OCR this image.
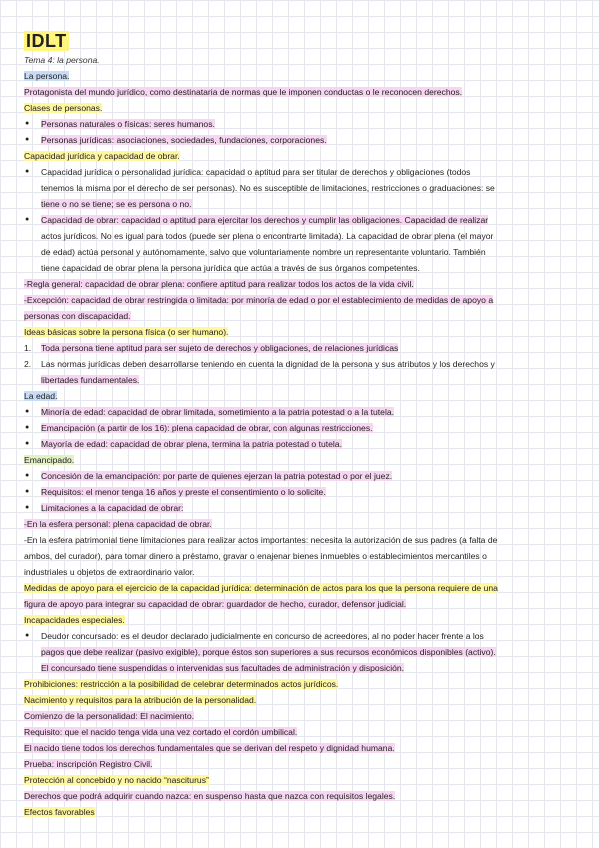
IDLT
Tema 4: la persona.
La persona.
Protagonista del mundo jurídico, como destinataria de normas que le imponen conductas o le reconocen derechos.
Clases de personas.
● Personas naturales o físicas: seres humanos.
● Personas jurídicas: asociaciones, sociedades, fundaciones, corporaciones.
Capacidad jurídica y capacidad de obrar.
● Capacidad jurídica o personalidad jurídica: capacidad o aptitud para ser titular de derechos y obligaciones (todos
tenemos la misma por el derecho de ser personas). No es susceptible de limitaciones, restricciones o graduaciones: se
tiene o no se tiene; se es persona o no.
● Capacidad de obrar: capacidad o aptitud para ejercitar los derechos y cumplir las obligaciones. Capacidad de realizar
actos jurídicos. No es igual para todos (puede ser plena o encontrarte limitada). La capacidad de obrar plena (el mayor
de edad) actúa personal y autónomamente, salvo que voluntariamente nombre un representante voluntario. También
tiene capacidad de obrar plena la persona jurídica que actúa a través de sus órganos competentes.
-Regla general: capacidad de obrar plena: confiere aptitud para realizar todos los actos de la vida civil.
-Excepción: capacidad de obrar restringida o limitada: por minoría de edad o por el establecimiento de medidas de apoyo a
personas con discapacidad.
Ideas básicas sobre la persona física (o ser humano).
1. Toda persona tiene aptitud para ser sujeto de derechos y obligaciones, de relaciones jurídicas
2. Las normas jurídicas deben desarrollarse teniendo en cuenta la dignidad de la persona y sus atributos y los derechos y
libertades fundamentales.
La edad.
● Minoría de edad: capacidad de obrar limitada, sometimiento a la patria potestad o a la tutela.
● Emancipación (a partir de los 16): plena capacidad de obrar, con algunas restricciones.
● Mayoría de edad: capacidad de obrar plena, termina la patria potestad o tutela.
Emancipado.
● Concesión de la emancipación: por parte de quienes ejerzan la patria potestad o por el juez.
● Requisitos: el menor tenga 16 años y preste el consentimiento o lo solicite.
● Limitaciones a la capacidad de obrar:
-En la esfera personal: plena capacidad de obrar.
-En la esfera patrimonial tiene limitaciones para realizar actos importantes: necesita la autorización de sus padres (a falta de
ambos, del curador), para tomar dinero a préstamo, gravar o enajenar bienes inmuebles o establecimientos mercantiles o
industriales u objetos de extraordinario valor.
Medidas de apoyo para el ejercicio de la capacidad jurídica: determinación de actos para los que la persona requiere de una
figura de apoyo para integrar su capacidad de obrar: guardador de hecho, curador, defensor judicial.
Incapacidades especiales.
● Deudor concursado: es el deudor declarado judicialmente en concurso de acreedores, al no poder hacer frente a los
pagos que debe realizar (pasivo exigible), porque éstos son superiores a sus recursos económicos disponibles (activo).
El concursado tiene suspendidas o intervenidas sus facultades de administración y disposición.
Prohibiciones: restricción a la posibilidad de celebrar determinados actos jurídicos.
Nacimiento y requisitos para la atribución de la personalidad.
Comienzo de la personalidad: El nacimiento.
Requisito: que el nacido tenga vida una vez cortado el cordón umbilical.
El nacido tiene todos los derechos fundamentales que se derivan del respeto y dignidad humana.
Prueba: inscripción Registro Civil.
Protección al concebido y no nacido “nasciturus”
Derechos que podrá adquirir cuando nazca: en suspenso hasta que nazca con requisitos legales.
Efectos favorables
